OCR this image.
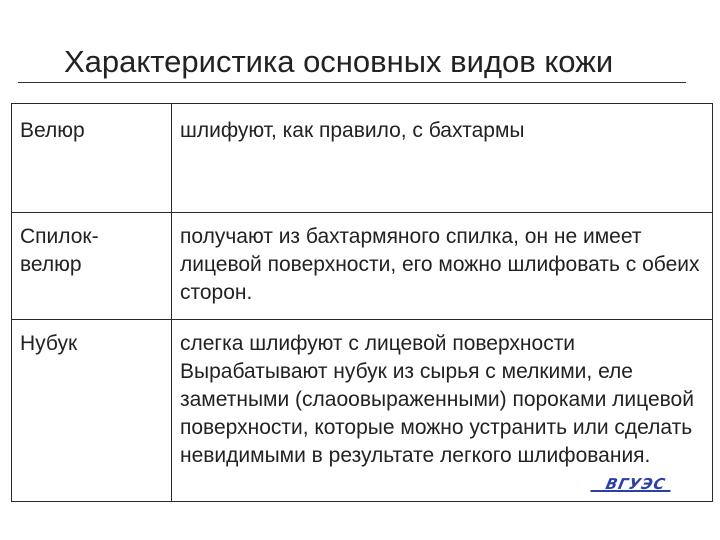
Характеристика основных видов кожи
Велюр	шлифуют, как правило, с бахтармы

Спилок-
велюр	получают из бахтармяного спилка, он не имеет лицевой поверхности, его можно шлифовать с обеих сторон.

Нубук	слегка шлифуют с лицевой поверхности
Вырабатывают нубук из сырья с мелкими, еле заметными (слаоовыраженными) пороками лицевой поверхности, которые можно устранить или сделать невидимыми в результате легкого шлифования.
ВГУЭС
